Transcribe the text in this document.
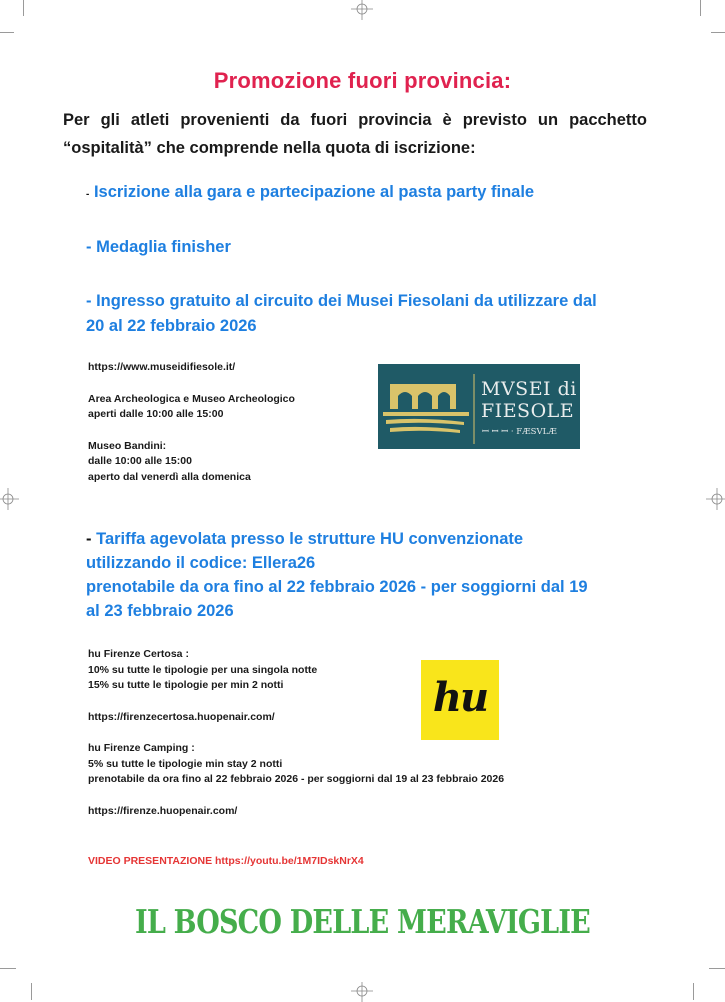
Promozione fuori provincia:
Per gli atleti provenienti da fuori provincia è previsto un pacchetto
“ospitalità” che comprende nella quota di iscrizione:
- Iscrizione alla gara e partecipazione al pasta party finale
- Medaglia finisher
- Ingresso gratuito al circuito dei Musei Fiesolani da utilizzare dal
20 al 22 febbraio 2026
https://www.museidifiesole.it/
Area Archeologica e Museo Archeologico
aperti dalle 10:00 alle 15:00
Museo Bandini:
dalle 10:00 alle 15:00
aperto dal venerdì alla domenica
MVSEI di
FIESOLE
ꟷ ꟷ ꟷ · FÆSVLÆ
- Tariffa agevolata presso le strutture HU convenzionate
utilizzando il codice: Ellera26
prenotabile da ora fino al 22 febbraio 2026 - per soggiorni dal 19
al 23 febbraio 2026
hu Firenze Certosa :
10% su tutte le tipologie per una singola notte
15% su tutte le tipologie per min 2 notti
https://firenzecertosa.huopenair.com/	hu
hu Firenze Camping :
5% su tutte le tipologie min stay 2 notti
prenotabile da ora fino al 22 febbraio 2026 - per soggiorni dal 19 al 23 febbraio 2026
https://firenze.huopenair.com/
VIDEO PRESENTAZIONE https://youtu.be/1M7IDskNrX4
IL BOSCO DELLE MERAVIGLIE
